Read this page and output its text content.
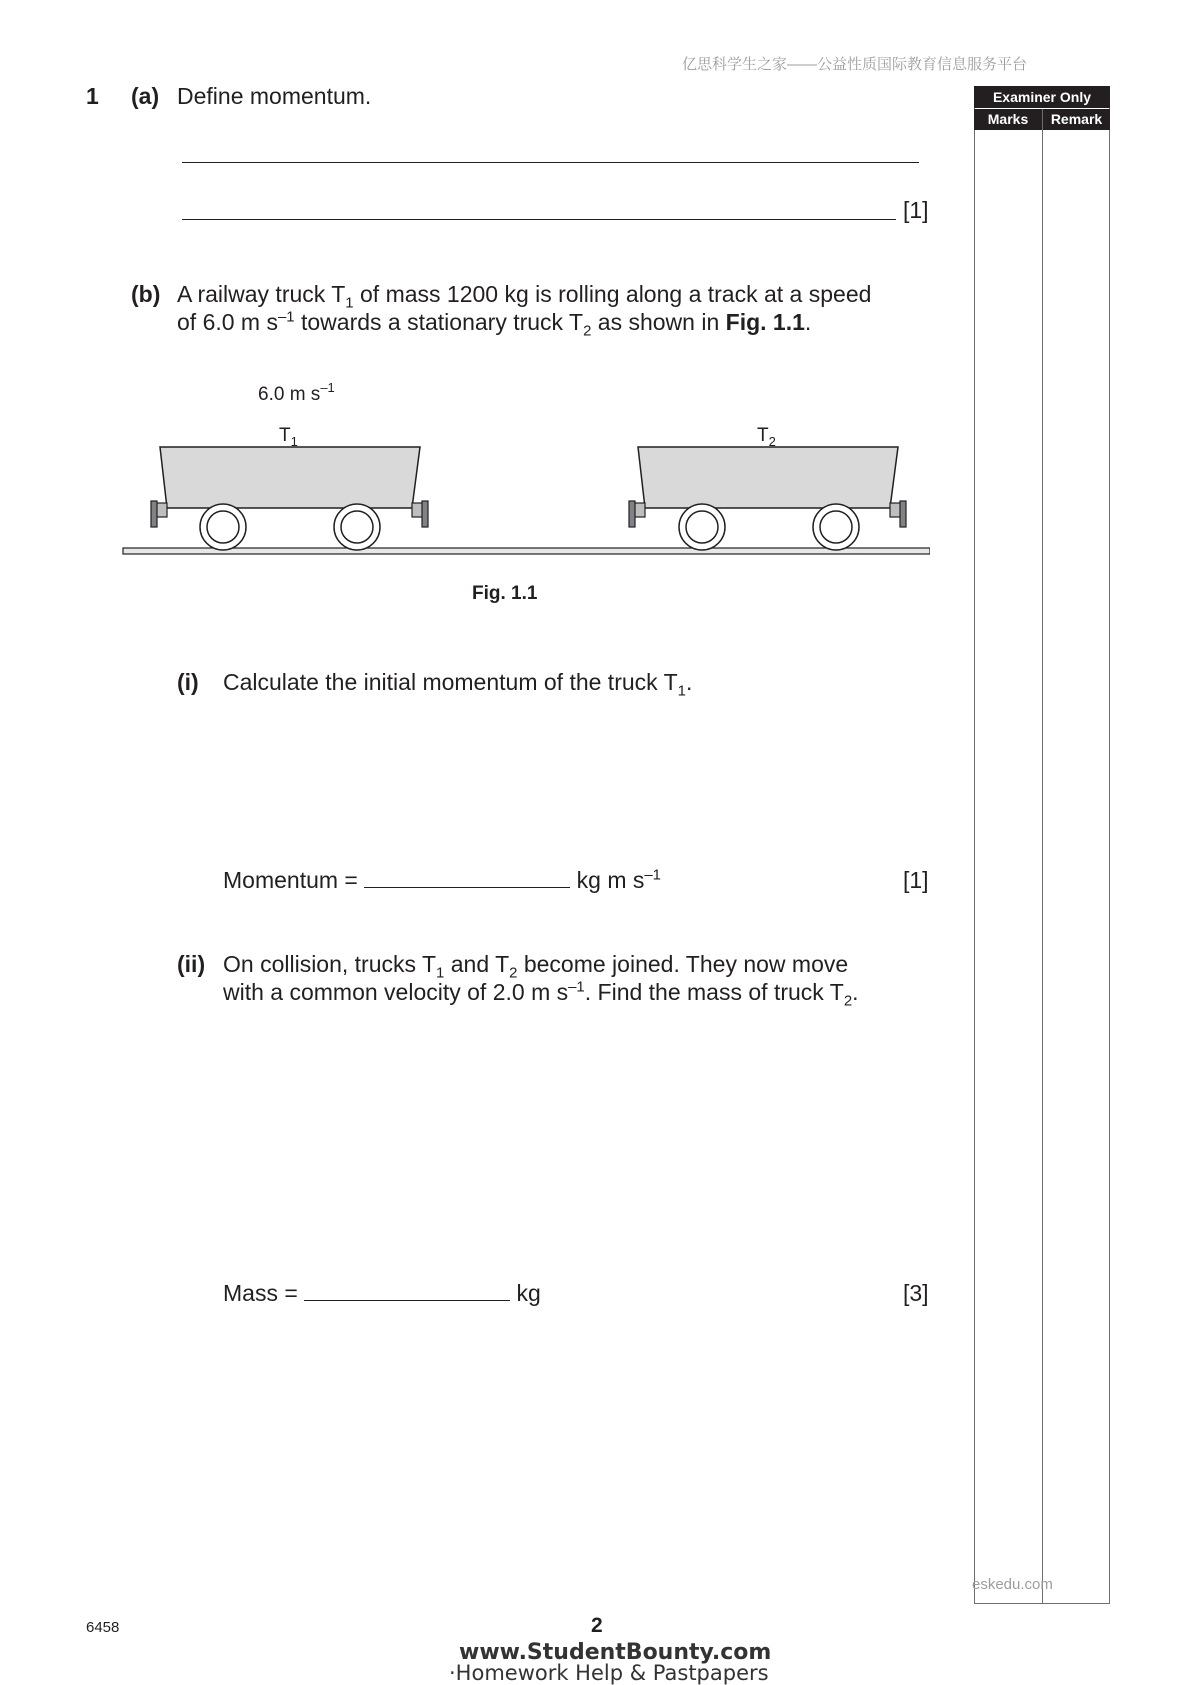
亿思科学生之家——公益性质国际教育信息服务平台
Examiner Only
Marks	Remark
1 (a) Define momentum.
[1]
(b) A railway truck $T_1$ of mass 1200 kg is rolling along a track at a speed
of 6.0 m $s^{-1}$ towards a stationary truck $T_2$ as shown in Fig. 1.1.
6.0 m $s^{-1}$
$T_1$	$T_2$
Fig. 1.1
(i) Calculate the initial momentum of the truck $T_1$.
Momentum =	kg m $s^{-1}$	[1]
(ii) On collision, trucks $T_1$ and $T_2$ become joined. They now move
with a common velocity of 2.0 m $s^{-1}$. Find the mass of truck $T_2$.
Mass =	kg	[3]
eskedu.com
6458	2
www.StudentBounty.com
·Homework Help & Pastpapers
